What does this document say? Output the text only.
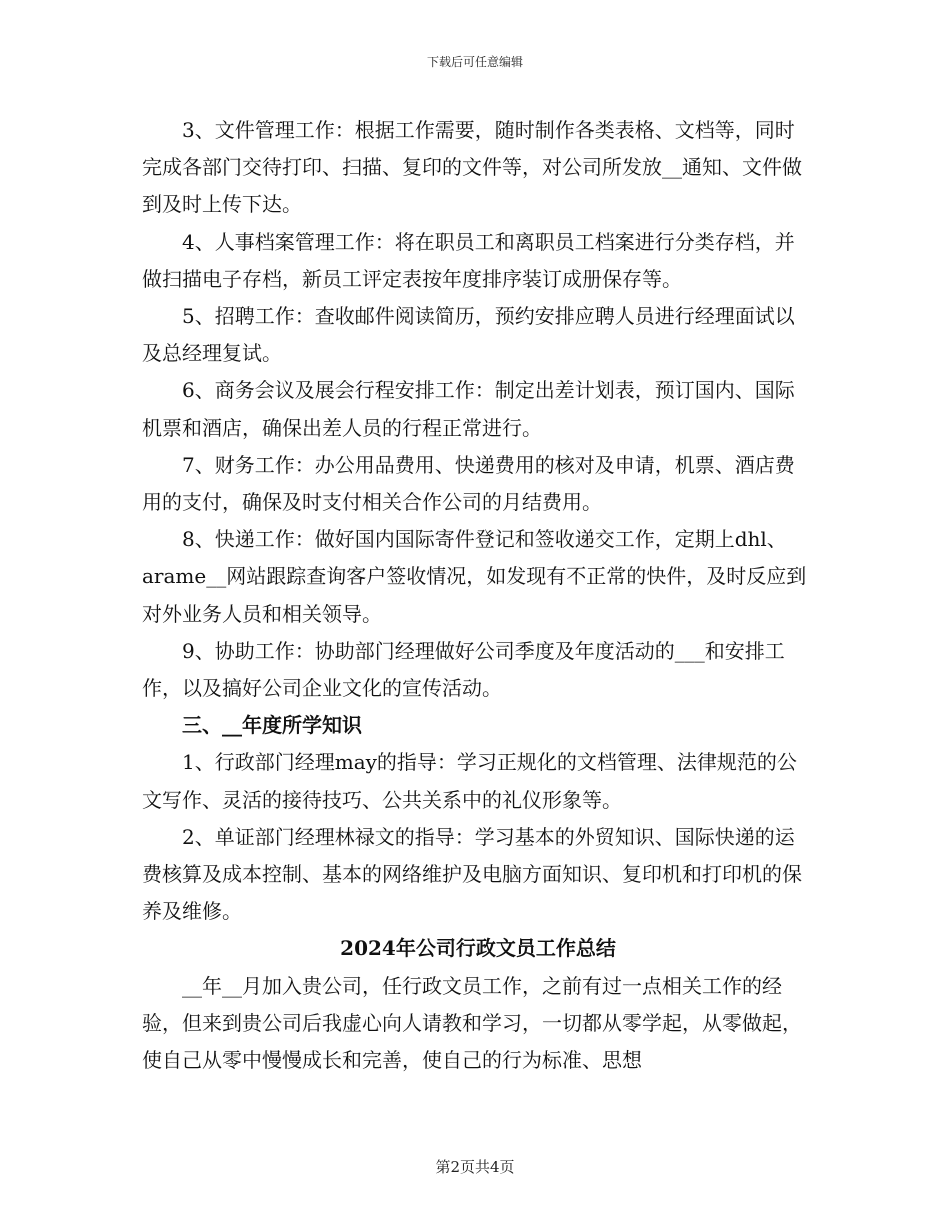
下载后可任意编辑

3、文件管理工作：根据工作需要，随时制作各类表格、文档等，同时完成各部门交待打印、扫描、复印的文件等，对公司所发放__通知、文件做到及时上传下达。

4、人事档案管理工作：将在职员工和离职员工档案进行分类存档，并做扫描电子存档，新员工评定表按年度排序装订成册保存等。

5、招聘工作：查收邮件阅读简历，预约安排应聘人员进行经理面试以及总经理复试。

6、商务会议及展会行程安排工作：制定出差计划表，预订国内、国际机票和酒店，确保出差人员的行程正常进行。

7、财务工作：办公用品费用、快递费用的核对及申请，机票、酒店费用的支付，确保及时支付相关合作公司的月结费用。

8、快递工作：做好国内国际寄件登记和签收递交工作，定期上dhl、arame__网站跟踪查询客户签收情况，如发现有不正常的快件，及时反应到对外业务人员和相关领导。

9、协助工作：协助部门经理做好公司季度及年度活动的___和安排工作，以及搞好公司企业文化的宣传活动。

三、__年度所学知识

1、行政部门经理may的指导：学习正规化的文档管理、法律规范的公文写作、灵活的接待技巧、公共关系中的礼仪形象等。

2、单证部门经理林禄文的指导：学习基本的外贸知识、国际快递的运费核算及成本控制、基本的网络维护及电脑方面知识、复印机和打印机的保养及维修。

2024年公司行政文员工作总结

__年__月加入贵公司，任行政文员工作，之前有过一点相关工作的经验，但来到贵公司后我虚心向人请教和学习，一切都从零学起，从零做起，使自己从零中慢慢成长和完善，使自己的行为标准、思想

第2页共4页
